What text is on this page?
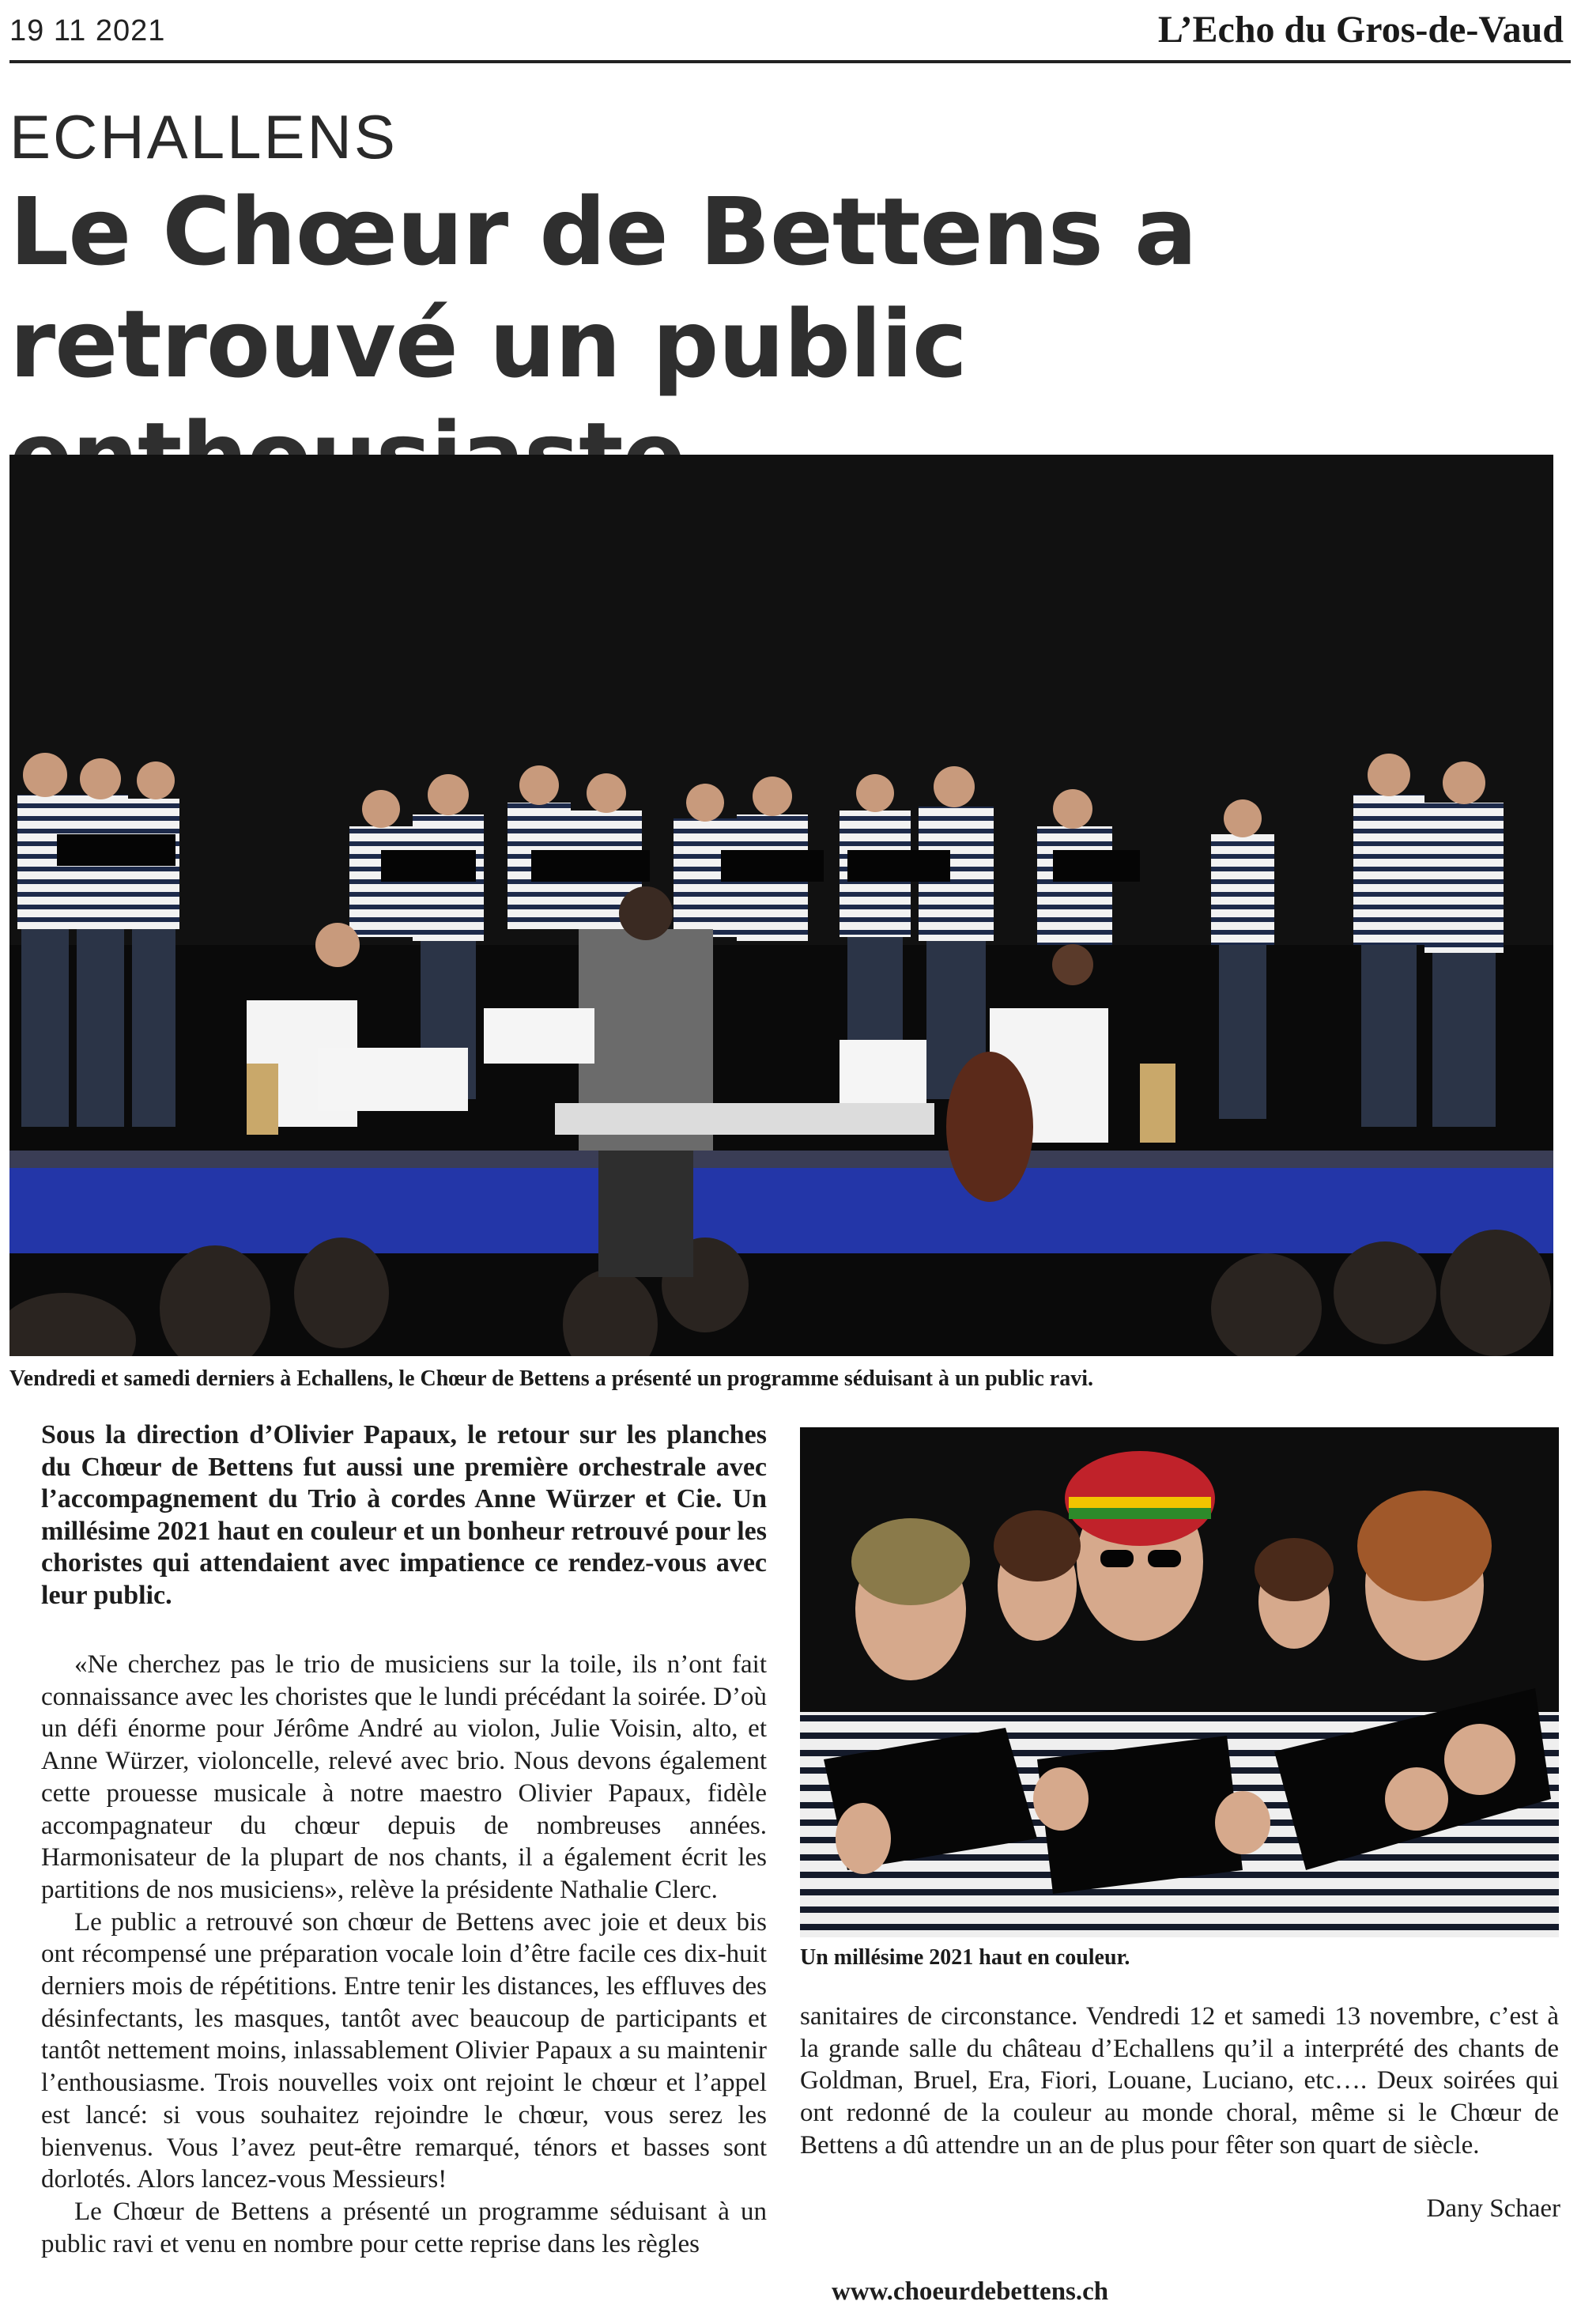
19 11 2021	L’Echo du Gros-de-Vaud
ECHALLENS
Le Chœur de Bettens a retrouvé un public
Vendredi et samedi derniers à Echallens, le Chœur de Bettens a présenté un programme séduisant à un public ravi.
Sous la direction d’Olivier Papaux, le retour sur les planches du Chœur de Bettens fut aussi une première orchestrale avec l’accompagnement du Trio à cordes Anne Würzer et Cie. Un millésime 2021 haut en couleur et un bonheur retrouvé pour les choristes qui attendaient avec impatience ce rendez-vous avec leur public.

«Ne cherchez pas le trio de musiciens sur la toile, ils n’ont fait connaissance avec les choristes que le lundi précédant la soirée. D’où un défi énorme pour Jérôme André au violon, Julie Voisin, alto, et Anne Würzer, violoncelle, relevé avec brio. Nous devons également cette prouesse musicale à notre maestro Olivier Papaux, fidèle accompagnateur du chœur depuis de nombreuses années. Harmonisateur de la plupart de nos chants, il a également écrit les partitions de nos musiciens», relève la présidente Nathalie Clerc.

Le public a retrouvé son chœur de Bettens avec joie et deux bis ont récompensé une préparation vocale loin d’être facile ces dix-huit derniers mois de répétitions. Entre tenir les distances, les effluves des désinfectants, les masques, tantôt avec beaucoup de participants et tantôt nettement moins, inlassablement Olivier Papaux a su maintenir l’enthousiasme. Trois nouvelles voix ont rejoint le chœur et l’appel est lancé: si vous souhaitez rejoindre le chœur, vous serez les bienvenus. Vous l’avez peut-être remarqué, ténors et basses sont dorlotés. Alors lancez-vous Messieurs!

Le Chœur de Bettens a présenté un programme séduisant à un public ravi et venu en nombre pour cette reprise dans les règles

Un millésime 2021 haut en couleur.

sanitaires de circonstance. Vendredi 12 et samedi 13 novembre, c’est à la grande salle du château d’Echallens qu’il a interprété des chants de Goldman, Bruel, Era, Fiori, Louane, Luciano, etc…. Deux soirées qui ont redonné de la couleur au monde choral, même si le Chœur de Bettens a dû attendre un an de plus pour fêter son quart de siècle.

Dany Schaer
www.choeurdebettens.ch
